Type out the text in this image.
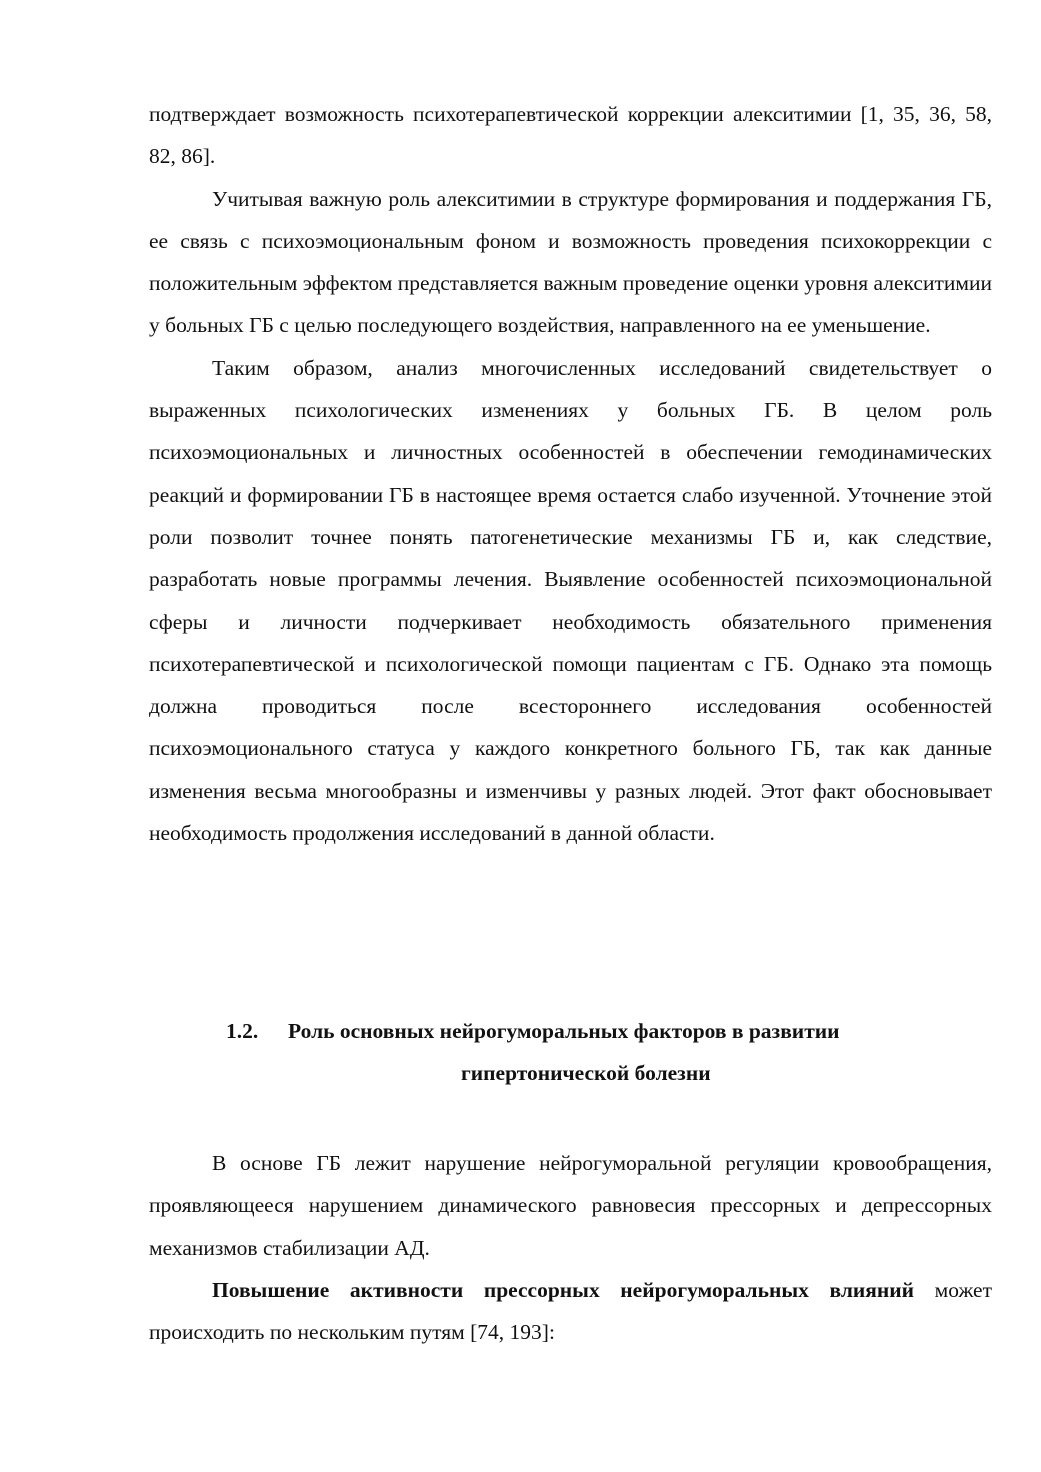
подтверждает возможность психотерапевтической коррекции алекситимии [1, 35, 36, 58, 82, 86].

Учитывая важную роль алекситимии в структуре формирования и поддержания ГБ, ее связь с психоэмоциональным фоном и возможность проведения психокоррекции с положительным эффектом представляется важным проведение оценки уровня алекситимии у больных ГБ с целью последующего воздействия, направленного на ее уменьшение.

Таким образом, анализ многочисленных исследований свидетельствует о выраженных психологических изменениях у больных ГБ. В целом роль психоэмоциональных и личностных особенностей в обеспечении гемодинамических реакций и формировании ГБ в настоящее время остается слабо изученной. Уточнение этой роли позволит точнее понять патогенетические механизмы ГБ и, как следствие, разработать новые программы лечения. Выявление особенностей психоэмоциональной сферы и личности подчеркивает необходимость обязательного применения психотерапевтической и психологической помощи пациентам с ГБ. Однако эта помощь должна проводиться после всестороннего исследования особенностей психоэмоционального статуса у каждого конкретного больного ГБ, так как данные изменения весьма многообразны и изменчивы у разных людей. Этот факт обосновывает необходимость продолжения исследований в данной области.

1.2. Роль основных нейрогуморальных факторов в развитии
гипертонической болезни

В основе ГБ лежит нарушение нейрогуморальной регуляции кровообращения, проявляющееся нарушением динамического равновесия прессорных и депрессорных механизмов стабилизации АД.

Повышение активности прессорных нейрогуморальных влияний может происходить по нескольким путям [74, 193]:
